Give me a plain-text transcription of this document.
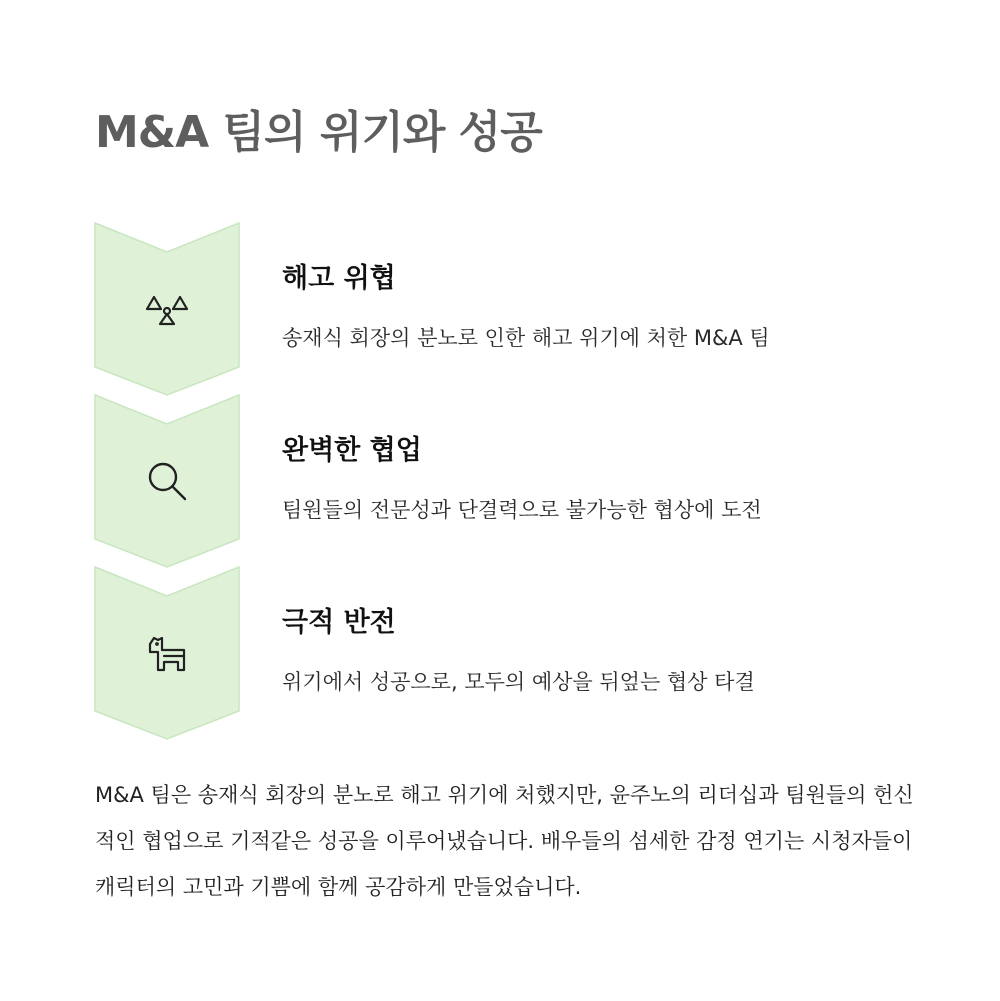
M&A 팀의 위기와 성공
해고 위협

송재식 회장의 분노로 인한 해고 위기에 처한 M&A 팀

완벽한 협업

팀원들의 전문성과 단결력으로 불가능한 협상에 도전

극적 반전

위기에서 성공으로, 모두의 예상을 뒤엎는 협상 타결

M&A 팀은 송재식 회장의 분노로 해고 위기에 처했지만, 윤주노의 리더십과 팀원들의 헌신적인 협업으로 기적같은 성공을 이루어냈습니다. 배우들의 섬세한 감정 연기는 시청자들이 캐릭터의 고민과 기쁨에 함께 공감하게 만들었습니다.
